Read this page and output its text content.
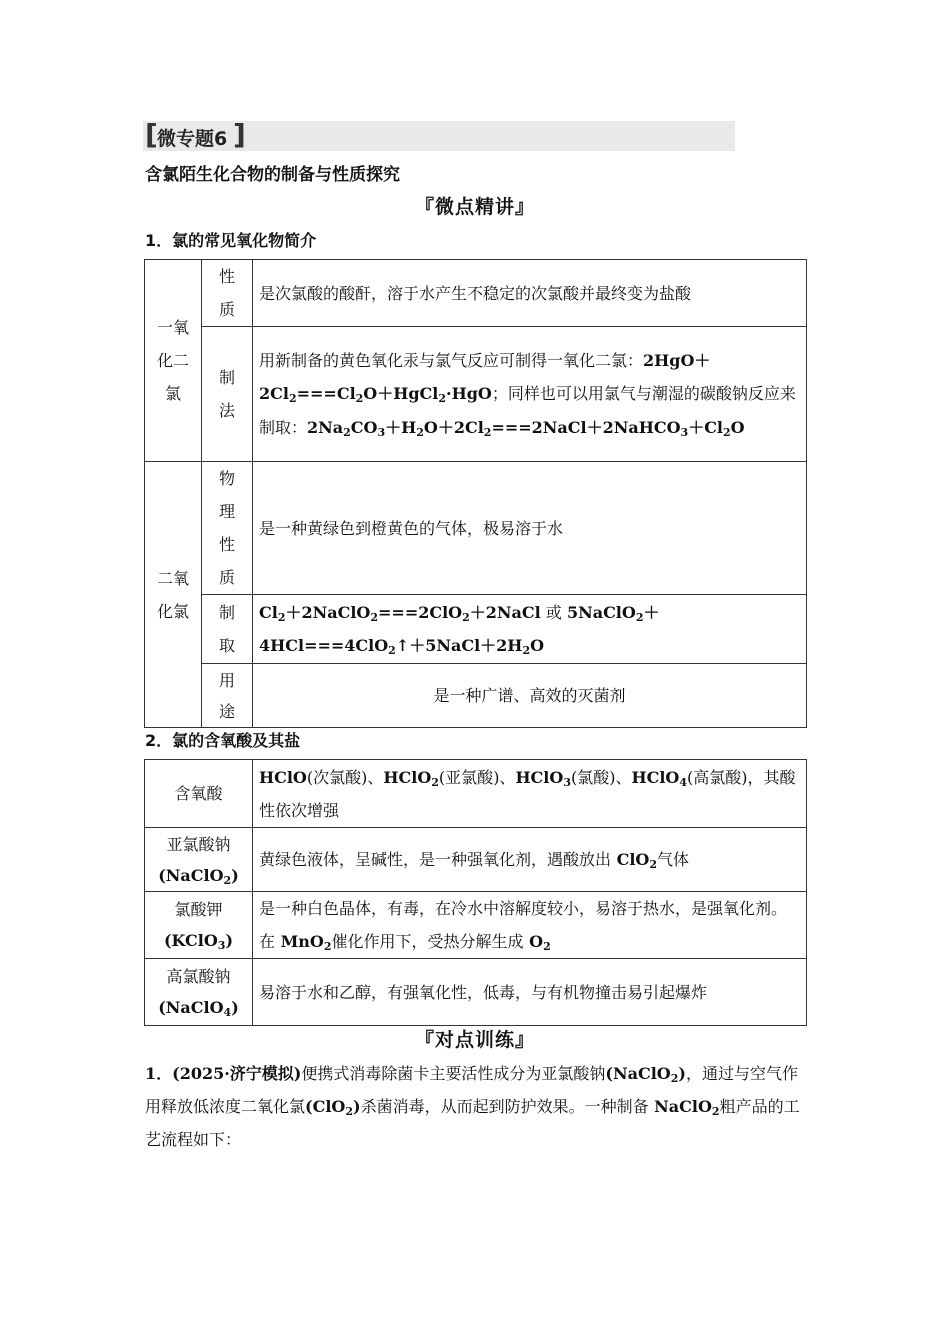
[ 微专题6 ]
含氯陌生化合物的制备与性质探究
『微点精讲』
1．氯的常见氧化物简介
一氧化二氯	性质	是次氯酸的酸酐，溶于水产生不稳定的次氯酸并最终变为盐酸

	制法	用新制备的黄色氧化汞与氯气反应可制得一氧化二氯：$2HgO+2Cl_2===Cl_2O+HgCl_2\cdot HgO$；同样也可以用氯气与潮湿的碳酸钠反应来制取：$2Na_2CO_3+H_2O+2Cl_2===2NaCl+2NaHCO_3+Cl_2O$

二氧化氯	物理性质	是一种黄绿色到橙黄色的气体，极易溶于水

	制取	$Cl_2+2NaClO_2===2ClO_2+2NaCl$ 或 $5NaClO_2+4HCl===4ClO_2↑+5NaCl+2H_2O$

	用途	是一种广谱、高效的灭菌剂
2．氯的含氧酸及其盐
含氧酸	HClO(次氯酸)、HClO$_2$(亚氯酸)、HClO$_3$(氯酸)、HClO$_4$(高氯酸)，其酸性依次增强

亚氯酸钠
(NaClO$_2$)	黄绿色液体，呈碱性，是一种强氧化剂，遇酸放出 ClO$_2$气体

氯酸钾
(KClO$_3$)	是一种白色晶体，有毒，在冷水中溶解度较小，易溶于热水，是强氧化剂。在 MnO$_2$催化作用下，受热分解生成 $O_2$

高氯酸钠
(NaClO$_4$)	易溶于水和乙醇，有强氧化性，低毒，与有机物撞击易引起爆炸
『对点训练』
1．(2025·济宁模拟)便携式消毒除菌卡主要活性成分为亚氯酸钠(NaClO$_2$)，通过与空气作用释放低浓度二氧化氯(ClO$_2$)杀菌消毒，从而起到防护效果。一种制备 NaClO$_2$粗产品的工艺流程如下：
